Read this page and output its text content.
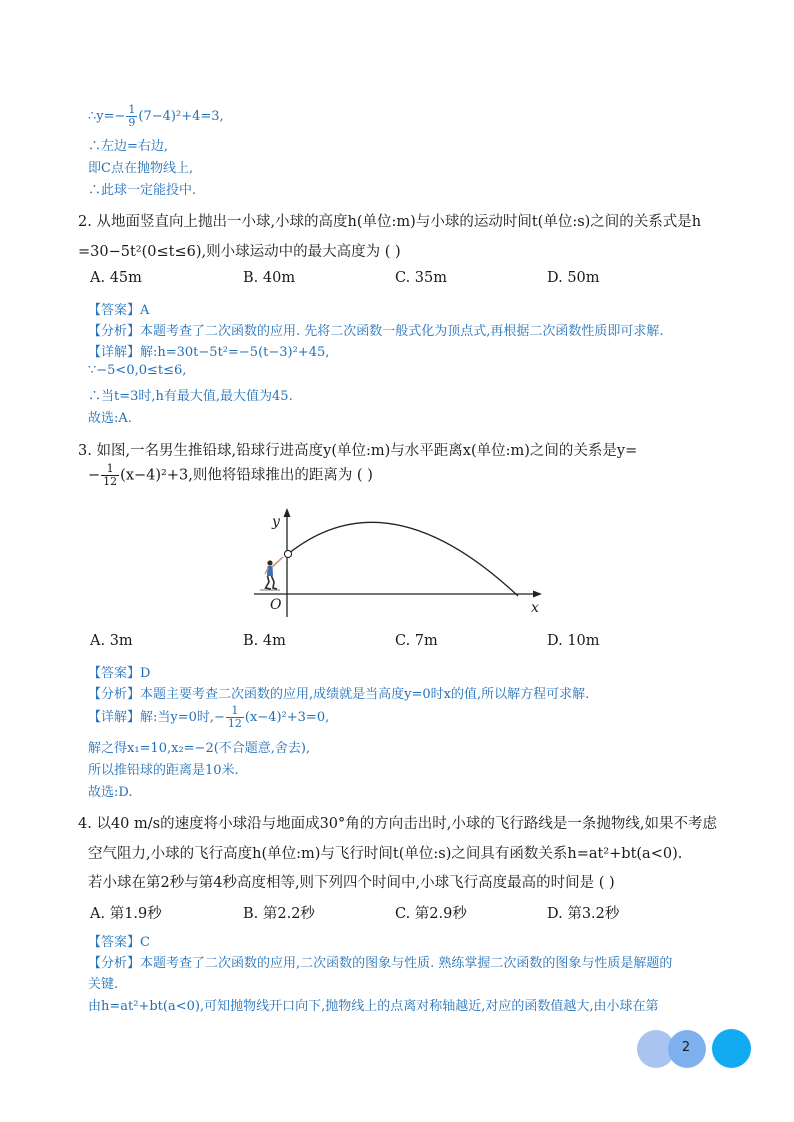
∴y=− $\frac{1}{9} (7-4)^2+4=3$,
∴左边=右边,
即C点在抛物线上,
∴此球一定能投中.
2. 从地面竖直向上抛出一小球,小球的高度h(单位:m)与小球的运动时间t(单位:s)之间的关系式是h
=30−5t²(0≤t≤6),则小球运动中的最大高度为 ( )
A. 45m	B. 40m	C. 35m	D. 50m
【答案】A
【分析】本题考查了二次函数的应用. 先将二次函数一般式化为顶点式,再根据二次函数性质即可求解.
【详解】解:h=30t−5t²=−5(t−3)²+45,
∵−5<0,0≤t≤6,
∴当t=3时,h有最大值,最大值为45.
故选:A.
3. 如图,一名男生推铅球,铅球行进高度y(单位:m)与水平距离x(单位:m)之间的关系是y=
− $\frac{1}{12} (x-4)^2+3$,则他将铅球推出的距离为 ( )
y
O	x
A. 3m	B. 4m	C. 7m	D. 10m
【答案】D
【分析】本题主要考查二次函数的应用,成绩就是当高度y=0时x的值,所以解方程可求解.
【详解】解:当y=0时,− $\frac{1}{12} (x-4)^2+3=0$,
解之得x₁=10,x₂=−2(不合题意,舍去),
所以推铅球的距离是10米.
故选:D.
4. 以40 m/s的速度将小球沿与地面成30°角的方向击出时,小球的飞行路线是一条抛物线,如果不考虑
空气阻力,小球的飞行高度h(单位:m)与飞行时间t(单位:s)之间具有函数关系h=at²+bt(a<0).
若小球在第2秒与第4秒高度相等,则下列四个时间中,小球飞行高度最高的时间是 ( )
A. 第1.9秒	B. 第2.2秒	C. 第2.9秒	D. 第3.2秒
【答案】C
【分析】本题考查了二次函数的应用,二次函数的图象与性质. 熟练掌握二次函数的图象与性质是解题的
关键.
由h=at²+bt(a<0),可知抛物线开口向下,抛物线上的点离对称轴越近,对应的函数值越大,由小球在第
2
